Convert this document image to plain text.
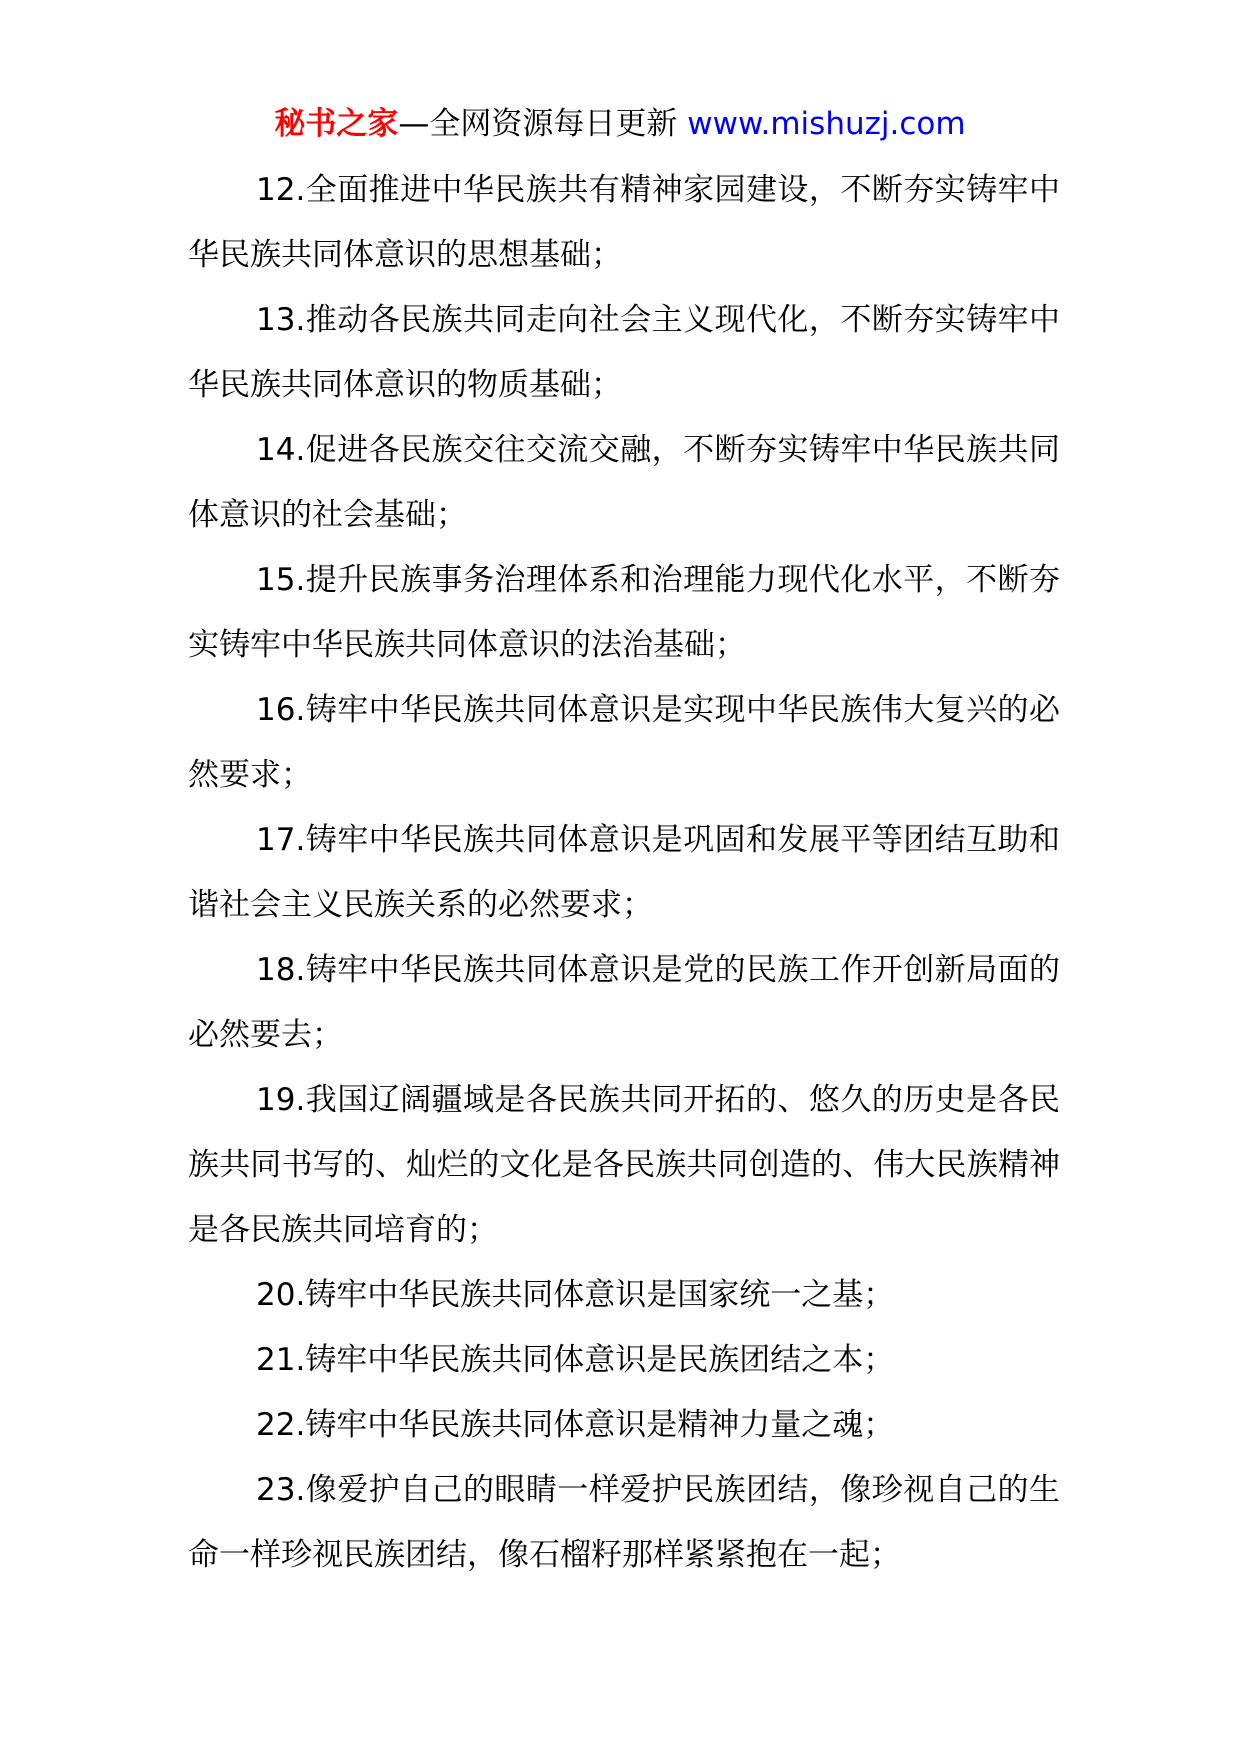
秘书之家—全网资源每日更新 www.mishuzj.com

12.全面推进中华民族共有精神家园建设，不断夯实铸牢中华民族共同体意识的思想基础；

13.推动各民族共同走向社会主义现代化，不断夯实铸牢中华民族共同体意识的物质基础；

14.促进各民族交往交流交融，不断夯实铸牢中华民族共同体意识的社会基础；

15.提升民族事务治理体系和治理能力现代化水平，不断夯实铸牢中华民族共同体意识的法治基础；

16.铸牢中华民族共同体意识是实现中华民族伟大复兴的必然要求；

17.铸牢中华民族共同体意识是巩固和发展平等团结互助和谐社会主义民族关系的必然要求；

18.铸牢中华民族共同体意识是党的民族工作开创新局面的必然要去；

19.我国辽阔疆域是各民族共同开拓的、悠久的历史是各民族共同书写的、灿烂的文化是各民族共同创造的、伟大民族精神是各民族共同培育的；

20.铸牢中华民族共同体意识是国家统一之基；

21.铸牢中华民族共同体意识是民族团结之本；

22.铸牢中华民族共同体意识是精神力量之魂；

23.像爱护自己的眼睛一样爱护民族团结，像珍视自己的生命一样珍视民族团结，像石榴籽那样紧紧抱在一起；
